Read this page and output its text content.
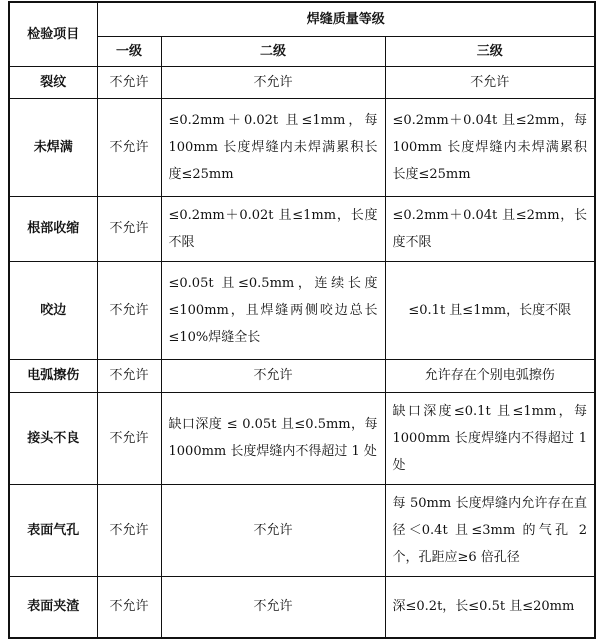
检验项目	焊缝质量等级		
	一级	二级	三级
裂纹	不允许	不允许	不允许
未焊满	不允许	≤0.2mm＋0.02t 且≤1mm，每 100mm 长度焊缝内未焊满累积长度≤25mm	≤0.2mm＋0.04t 且≤2mm，每 100mm 长度焊缝内未焊满累积长度≤25mm
根部收缩	不允许	≤0.2mm＋0.02t 且≤1mm，长度不限	≤0.2mm＋0.04t 且≤2mm，长度不限
咬边	不允许	≤0.05t 且≤0.5mm，连续长度≤100mm，且焊缝两侧咬边总长≤10%焊缝全长	≤0.1t 且≤1mm，长度不限
电弧擦伤	不允许	不允许	允许存在个别电弧擦伤
接头不良	不允许	缺口深度 ≤ 0.05t 且≤0.5mm，每 1000mm 长度焊缝内不得超过 1 处	缺口深度≤0.1t 且≤1mm，每 1000mm 长度焊缝内不得超过 1 处
表面气孔	不允许	不允许	每 50mm 长度焊缝内允许存在直径＜0.4t 且≤3mm 的气孔 2 个，孔距应≥6 倍孔径
表面夹渣	不允许	不允许	深≤0.2t，长≤0.5t 且≤20mm
